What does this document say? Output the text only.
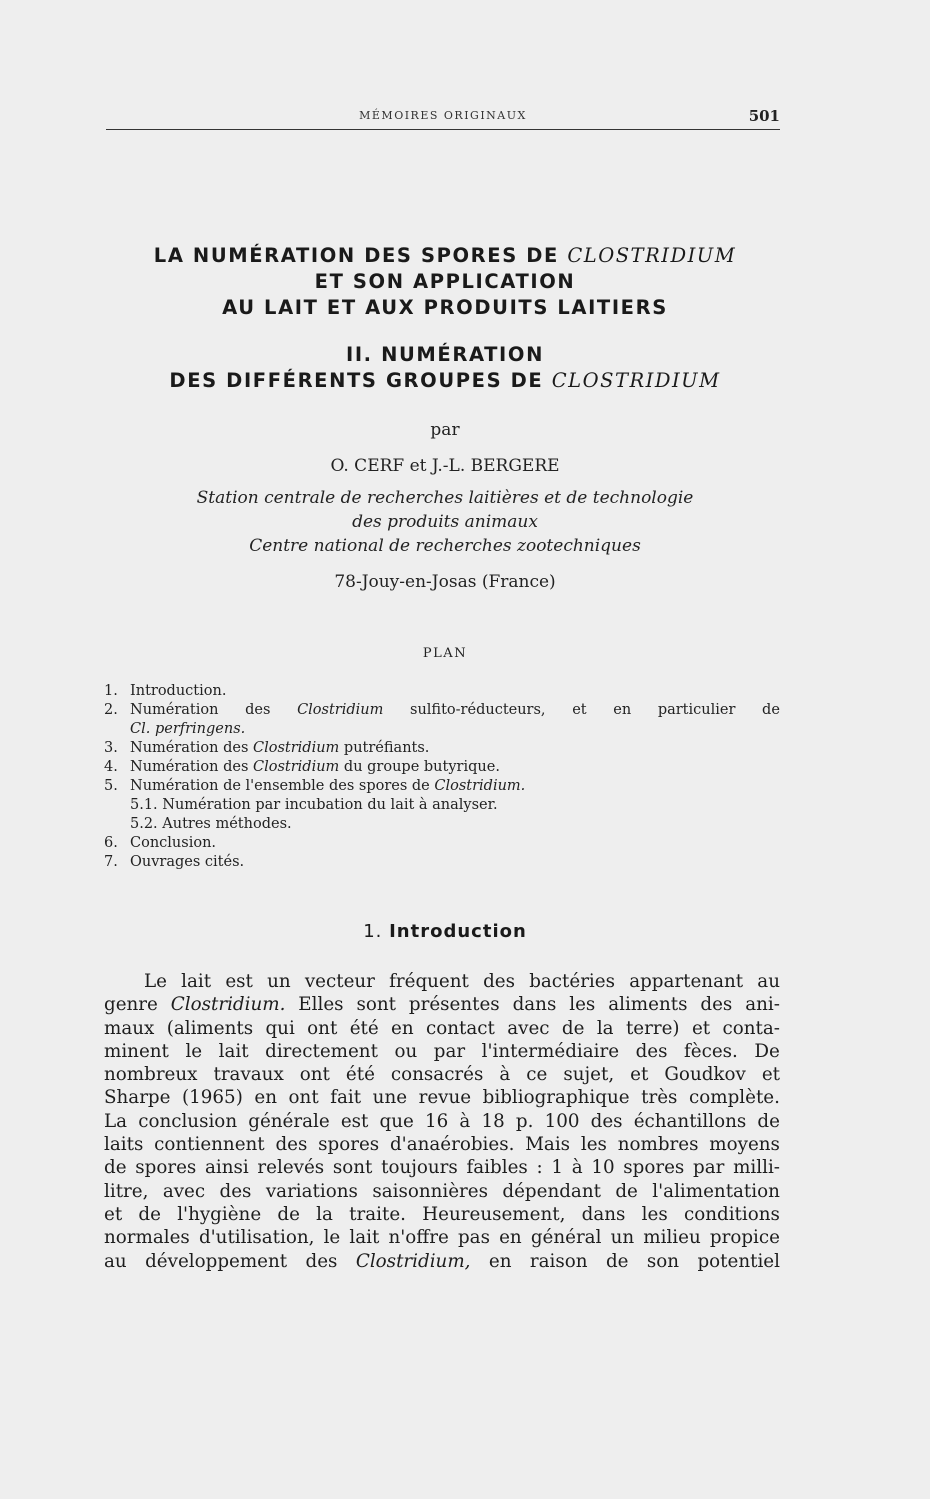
MÉMOIRES ORIGINAUX	501
LA NUMÉRATION DES SPORES DE CLOSTRIDIUM
ET SON APPLICATION
AU LAIT ET AUX PRODUITS LAITIERS
II. NUMÉRATION
DES DIFFÉRENTS GROUPES DE CLOSTRIDIUM
par
O. CERF et J.-L. BERGERE
Station centrale de recherches laitières et de technologie
des produits animaux
Centre national de recherches zootechniques
78-Jouy-en-Josas (France)
PLAN
1. Introduction.
2. Numération des Clostridium sulfito-réducteurs, et en particulier de
Cl. perfringens.
3. Numération des Clostridium putréfiants.
4. Numération des Clostridium du groupe butyrique.
5. Numération de l'ensemble des spores de Clostridium.
5.1. Numération par incubation du lait à analyser.
5.2. Autres méthodes.
6. Conclusion.
7. Ouvrages cités.
1. Introduction
Le lait est un vecteur fréquent des bactéries appartenant au
genre Clostridium. Elles sont présentes dans les aliments des ani-
maux (aliments qui ont été en contact avec de la terre) et conta-
minent le lait directement ou par l'intermédiaire des fèces. De
nombreux travaux ont été consacrés à ce sujet, et Goudkov et
Sharpe (1965) en ont fait une revue bibliographique très complète.
La conclusion générale est que 16 à 18 p. 100 des échantillons de
laits contiennent des spores d'anaérobies. Mais les nombres moyens
de spores ainsi relevés sont toujours faibles : 1 à 10 spores par milli-
litre, avec des variations saisonnières dépendant de l'alimentation
et de l'hygiène de la traite. Heureusement, dans les conditions
normales d'utilisation, le lait n'offre pas en général un milieu propice
au développement des Clostridium, en raison de son potentiel
